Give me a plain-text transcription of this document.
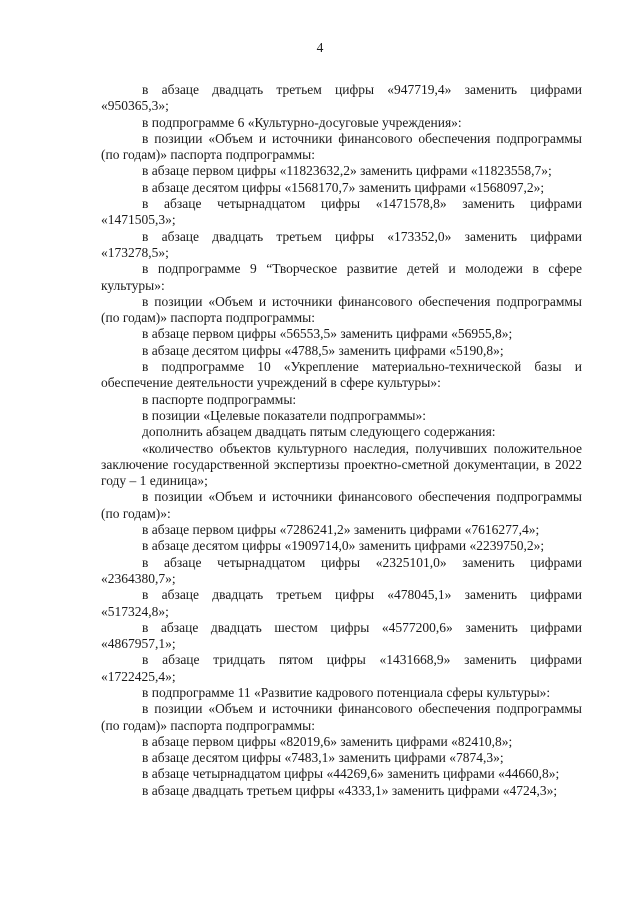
4

в абзаце двадцать третьем цифры «947719,4» заменить цифрами «950365,3»;

в подпрограмме 6 «Культурно-досуговые учреждения»:

в позиции «Объем и источники финансового обеспечения подпрограммы (по годам)» паспорта подпрограммы:

в абзаце первом цифры «11823632,2» заменить цифрами «11823558,7»;

в абзаце десятом цифры «1568170,7» заменить цифрами «1568097,2»;

в абзаце четырнадцатом цифры «1471578,8» заменить цифрами «1471505,3»;

в абзаце двадцать третьем цифры «173352,0» заменить цифрами «173278,5»;

в подпрограмме 9 “Творческое развитие детей и молодежи в сфере культуры»:

в позиции «Объем и источники финансового обеспечения подпрограммы (по годам)» паспорта подпрограммы:

в абзаце первом цифры «56553,5» заменить цифрами «56955,8»;

в абзаце десятом цифры «4788,5» заменить цифрами «5190,8»;

в подпрограмме 10 «Укрепление материально-технической базы и обеспечение деятельности учреждений в сфере культуры»:

в паспорте подпрограммы:

в позиции «Целевые показатели подпрограммы»:

дополнить абзацем двадцать пятым следующего содержания:

«количество объектов культурного наследия, получивших положительное заключение государственной экспертизы проектно-сметной документации, в 2022 году – 1 единица»;

в позиции «Объем и источники финансового обеспечения подпрограммы (по годам)»:

в абзаце первом цифры «7286241,2» заменить цифрами «7616277,4»;

в абзаце десятом цифры «1909714,0» заменить цифрами «2239750,2»;

в абзаце четырнадцатом цифры «2325101,0» заменить цифрами «2364380,7»;

в абзаце двадцать третьем цифры «478045,1» заменить цифрами «517324,8»;

в абзаце двадцать шестом цифры «4577200,6» заменить цифрами «4867957,1»;

в абзаце тридцать пятом цифры «1431668,9» заменить цифрами «1722425,4»;

в подпрограмме 11 «Развитие кадрового потенциала сферы культуры»:

в позиции «Объем и источники финансового обеспечения подпрограммы (по годам)» паспорта подпрограммы:

в абзаце первом цифры «82019,6» заменить цифрами «82410,8»;

в абзаце десятом цифры «7483,1» заменить цифрами «7874,3»;

в абзаце четырнадцатом цифры «44269,6» заменить цифрами «44660,8»;

в абзаце двадцать третьем цифры «4333,1» заменить цифрами «4724,3»;
